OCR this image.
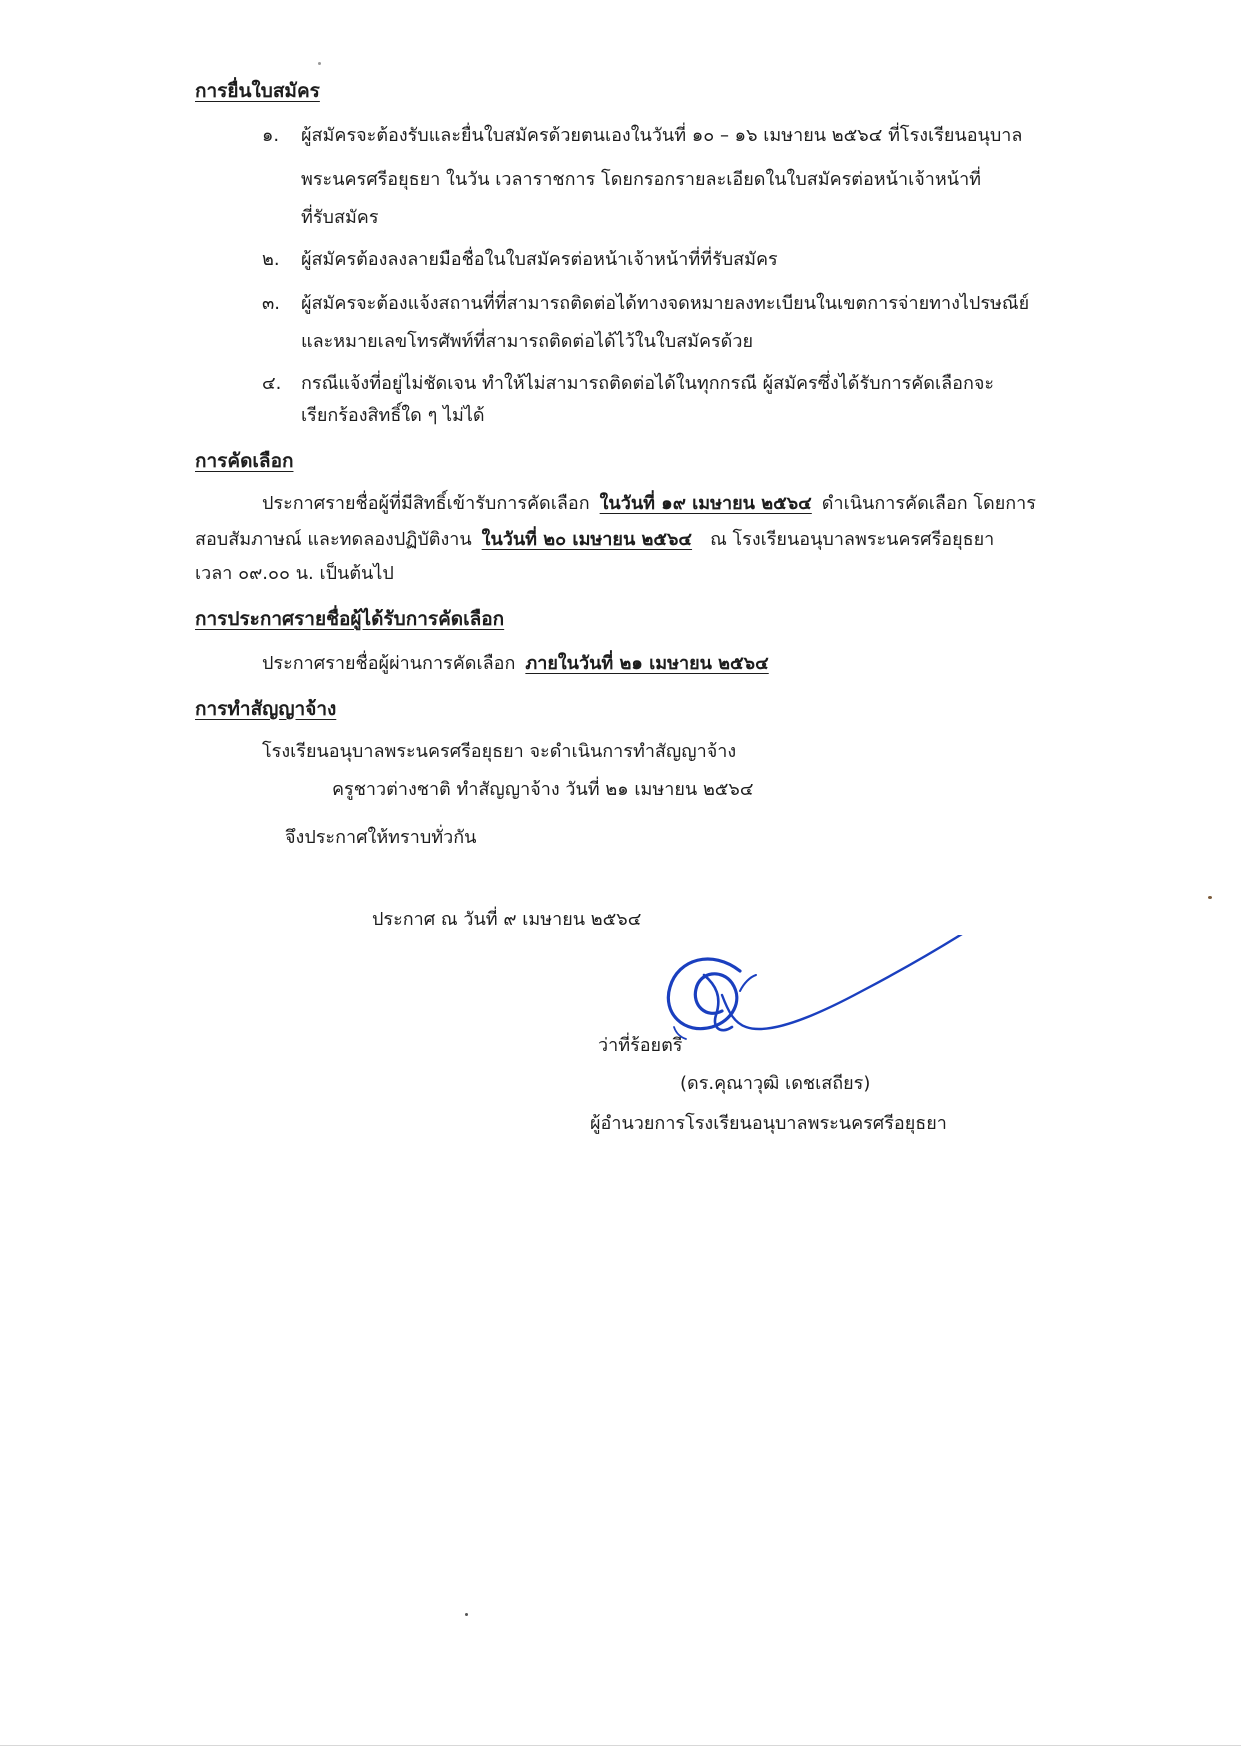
การยื่นใบสมัคร
๑. ผู้สมัครจะต้องรับและยื่นใบสมัครด้วยตนเองในวันที่ ๑๐ – ๑๖ เมษายน ๒๕๖๔ ที่โรงเรียนอนุบาล
พระนครศรีอยุธยา ในวัน เวลาราชการ โดยกรอกรายละเอียดในใบสมัครต่อหน้าเจ้าหน้าที่
ที่รับสมัคร
๒. ผู้สมัครต้องลงลายมือชื่อในใบสมัครต่อหน้าเจ้าหน้าที่ที่รับสมัคร
๓. ผู้สมัครจะต้องแจ้งสถานที่ที่สามารถติดต่อได้ทางจดหมายลงทะเบียนในเขตการจ่ายทางไปรษณีย์
และหมายเลขโทรศัพท์ที่สามารถติดต่อได้ไว้ในใบสมัครด้วย
๔. กรณีแจ้งที่อยู่ไม่ชัดเจน ทำให้ไม่สามารถติดต่อได้ในทุกกรณี ผู้สมัครซึ่งได้รับการคัดเลือกจะ
เรียกร้องสิทธิ์ใด ๆ ไม่ได้
การคัดเลือก
ประกาศรายชื่อผู้ที่มีสิทธิ์เข้ารับการคัดเลือก ในวันที่ ๑๙ เมษายน ๒๕๖๔ ดำเนินการคัดเลือก โดยการ
สอบสัมภาษณ์ และทดลองปฏิบัติงาน ในวันที่ ๒๐ เมษายน ๒๕๖๔ ณ โรงเรียนอนุบาลพระนครศรีอยุธยา
เวลา ๐๙.๐๐ น. เป็นต้นไป
การประกาศรายชื่อผู้ได้รับการคัดเลือก
ประกาศรายชื่อผู้ผ่านการคัดเลือก ภายในวันที่ ๒๑ เมษายน ๒๕๖๔
การทำสัญญาจ้าง
โรงเรียนอนุบาลพระนครศรีอยุธยา จะดำเนินการทำสัญญาจ้าง
ครูชาวต่างชาติ ทำสัญญาจ้าง วันที่ ๒๑ เมษายน ๒๕๖๔
จึงประกาศให้ทราบทั่วกัน
ประกาศ ณ วันที่ ๙ เมษายน ๒๕๖๔
ว่าที่ร้อยตรี
(ดร.คุณาวุฒิ เดชเสถียร)
ผู้อำนวยการโรงเรียนอนุบาลพระนครศรีอยุธยา
